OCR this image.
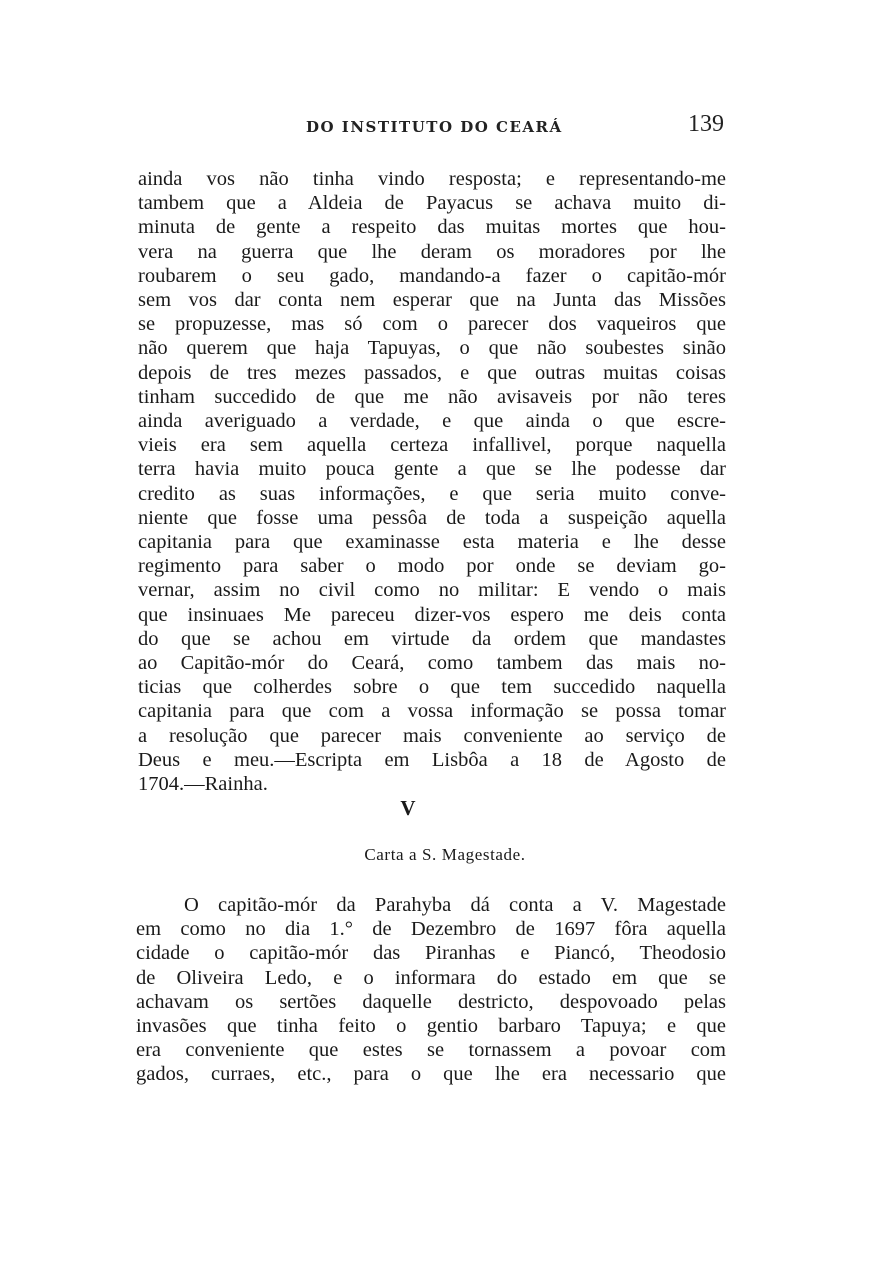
DO INSTITUTO DO CEARÁ	139
ainda vos não tinha vindo resposta; e representando-me
tambem que a Aldeia de Payacus se achava muito di-
minuta de gente a respeito das muitas mortes que hou-
vera na guerra que lhe deram os moradores por lhe
roubarem o seu gado, mandando-a fazer o capitão-mór
sem vos dar conta nem esperar que na Junta das Missões
se propuzesse, mas só com o parecer dos vaqueiros que
não querem que haja Tapuyas, o que não soubestes sinão
depois de tres mezes passados, e que outras muitas coisas
tinham succedido de que me não avisaveis por não teres
ainda averiguado a verdade, e que ainda o que escre-
vieis era sem aquella certeza infallivel, porque naquella
terra havia muito pouca gente a que se lhe podesse dar
credito as suas informações, e que seria muito conve-
niente que fosse uma pessôa de toda a suspeição aquella
capitania para que examinasse esta materia e lhe desse
regimento para saber o modo por onde se deviam go-
vernar, assim no civil como no militar: E vendo o mais
que insinuaes Me pareceu dizer-vos espero me deis conta
do que se achou em virtude da ordem que mandastes
ao Capitão-mór do Ceará, como tambem das mais no-
ticias que colherdes sobre o que tem succedido naquella
capitania para que com a vossa informação se possa tomar
a resolução que parecer mais conveniente ao serviço de
Deus e meu.—Escripta em Lisbôa a 18 de Agosto de
1704.—Rainha.
V
Carta a S. Magestade.
O capitão-mór da Parahyba dá conta a V. Magestade
em como no dia 1.° de Dezembro de 1697 fôra aquella
cidade o capitão-mór das Piranhas e Piancó, Theodosio
de Oliveira Ledo, e o informara do estado em que se
achavam os sertões daquelle destricto, despovoado pelas
invasões que tinha feito o gentio barbaro Tapuya; e que
era conveniente que estes se tornassem a povoar com
gados, curraes, etc., para o que lhe era necessario que
